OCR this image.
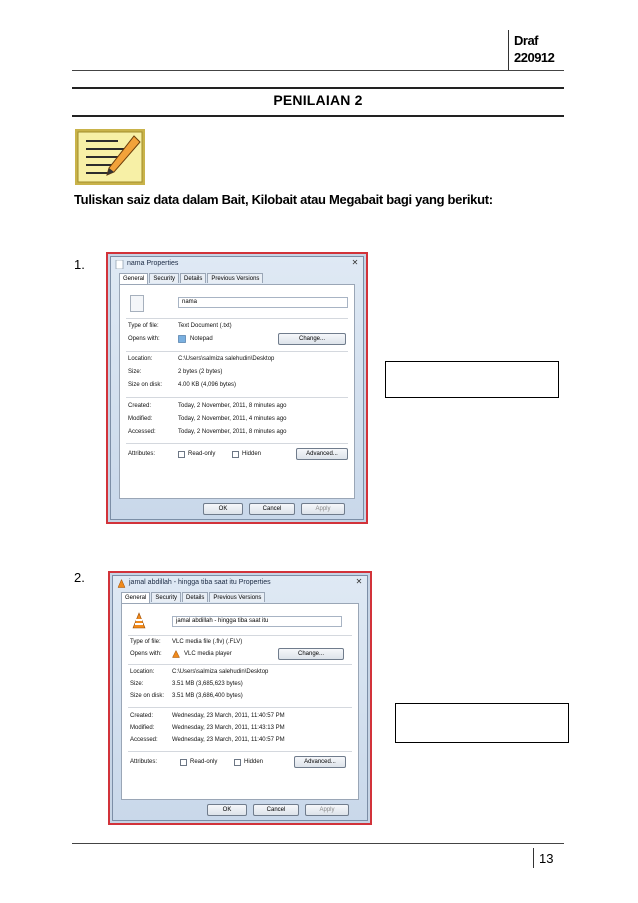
Draf
220912
PENILAIAN 2
Tuliskan saiz data dalam Bait, Kilobait atau Megabait bagi yang berikut:
1.	nama Properties	✕
General	Security	Details	Previous Versions
nama
Type of file:	Text Document (.txt)
Opens with:	Notepad	Change...
Location:	C:\Users\salmiza salehudin\Desktop
Size:	2 bytes (2 bytes)
Size on disk:	4.00 KB (4,096 bytes)
Created:	Today, 2 November, 2011, 8 minutes ago
Modified:	Today, 2 November, 2011, 4 minutes ago
Accessed:	Today, 2 November, 2011, 8 minutes ago
Attributes:	Read-only	Hidden	Advanced...
OK	Cancel	Apply
2.	jamal abdillah - hingga tiba saat itu Properties	✕
General	Security	Details	Previous Versions
jamal abdillah - hingga tiba saat itu
Type of file: VLC media file (.flv) (.FLV)
Opens with:	VLC media player	Change...
Location:	C:\Users\salmiza salehudin\Desktop
Size:	3.51 MB (3,685,623 bytes)
Size on disk: 3.51 MB (3,686,400 bytes)
Created:	Wednesday, 23 March, 2011, 11:40:57 PM
Modified:	Wednesday, 23 March, 2011, 11:43:13 PM
Accessed: Wednesday, 23 March, 2011, 11:40:57 PM
Attributes:	Read-only	Hidden	Advanced...
OK	Cancel	Apply
13
